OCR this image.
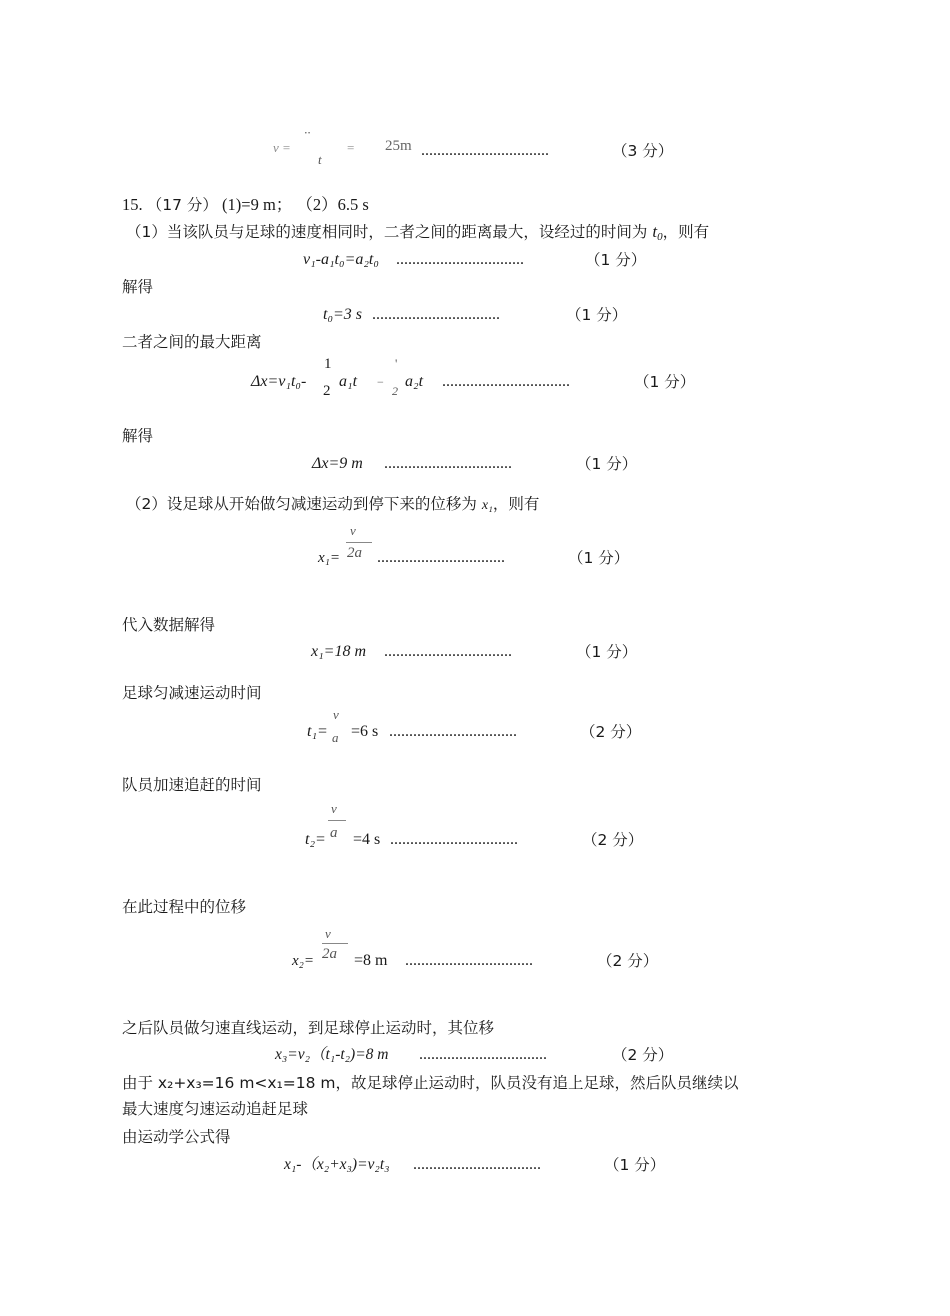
v =
··
t
= 25m ................................	（3 分）
15. （17 分） (1)=9 m； （2）6.5 s
（1）当该队员与足球的速度相同时，二者之间的距离最大，设经过的时间为 $t_0$，则有
v₁-a₁t₀=a₂t₀ ................................	（1 分）
解得
t₀=3 s ................................	（1 分）
二者之间的最大距离
Δx=v₁t₀-
1
2
a₁t −
'
2
a₂t ................................	（1 分）
解得
Δx=9 m ................................	（1 分）
（2）设足球从开始做匀减速运动到停下来的位移为 x₁，则有
v
x₁= 2a ................................	（1 分）
代入数据解得
x₁=18 m ................................	（1 分）
足球匀减速运动时间
t₁=
v
a =6 s ................................	（2 分）
队员加速追赶的时间
v
t₂= a =4 s ................................	（2 分）
在此过程中的位移
v
x₂= 2a =8 m ................................	（2 分）
之后队员做匀速直线运动，到足球停止运动时，其位移
x₃=v₂（t₁-t₂)=8 m ................................	（2 分）
由于 x₂+x₃=16 m<x₁=18 m，故足球停止运动时，队员没有追上足球，然后队员继续以
最大速度匀速运动追赶足球
由运动学公式得
x₁-（x₂+x₃)=v₂t₃ ................................	（1 分）
